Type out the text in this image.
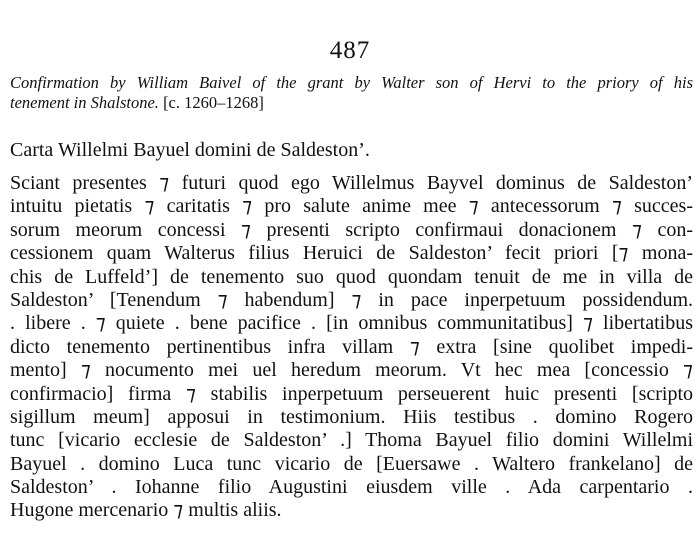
487
Confirmation by William Baivel of the grant by Walter son of Hervi to the priory of his
tenement in Shalstone. [c. 1260–1268]
Carta Willelmi Bayuel domini de Saldeston’.
Sciant presentes ⁊ futuri quod ego Willelmus Bayvel dominus de Saldeston’
intuitu pietatis ⁊ caritatis ⁊ pro salute anime mee ⁊ antecessorum ⁊ succes-
sorum meorum concessi ⁊ presenti scripto confirmaui donacionem ⁊ con-
cessionem quam Walterus filius Heruici de Saldeston’ fecit priori [⁊ mona-
chis de Luffeld’] de tenemento suo quod quondam tenuit de me in villa de
Saldeston’ [Tenendum ⁊ habendum] ⁊ in pace inperpetuum possidendum.
. libere . ⁊ quiete . bene pacifice . [in omnibus communitatibus] ⁊ libertatibus
dicto tenemento pertinentibus infra villam ⁊ extra [sine quolibet impedi-
mento] ⁊ nocumento mei uel heredum meorum. Vt hec mea [concessio ⁊
confirmacio] firma ⁊ stabilis inperpetuum perseuerent huic presenti [scripto
sigillum meum] apposui in testimonium. Hiis testibus . domino Rogero
tunc [vicario ecclesie de Saldeston’ .] Thoma Bayuel filio domini Willelmi
Bayuel . domino Luca tunc vicario de [Euersawe . Waltero frankelano] de
Saldeston’ . Iohanne filio Augustini eiusdem ville . Ada carpentario .
Hugone mercenario ⁊ multis aliis.
